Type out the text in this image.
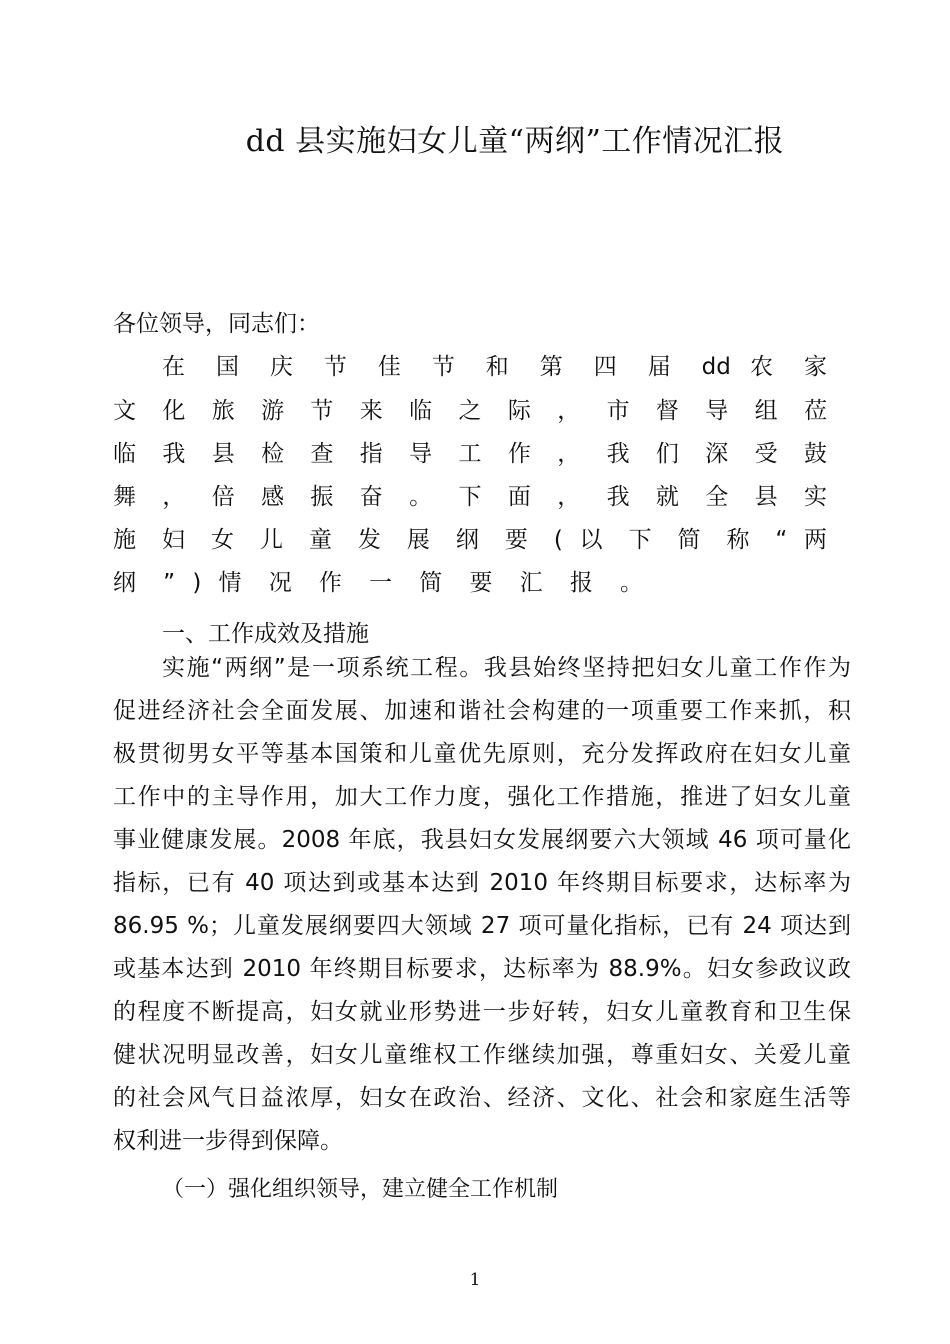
dd 县实施妇女儿童“两纲”工作情况汇报
各位领导，同志们：
在 国 庆 节 佳 节 和 第 四 届 dd 农 家
文 化 旅 游 节 来 临 之 际 ， 市 督 导 组 莅
临 我 县 检 查 指 导 工 作 ， 我 们 深 受 鼓
舞 ， 倍 感 振 奋 。 下 面 ， 我 就 全 县 实
施 妇 女 儿 童 发 展 纲 要 ( 以 下 简 称 “ 两
纲 ” ) 情 况 作 一 简 要 汇 报 。
一、工作成效及措施
实施“两纲”是一项系统工程。我县始终坚持把妇女儿童工作作为
促进经济社会全面发展、加速和谐社会构建的一项重要工作来抓，积
极贯彻男女平等基本国策和儿童优先原则，充分发挥政府在妇女儿童
工作中的主导作用，加大工作力度，强化工作措施，推进了妇女儿童
事业健康发展。2008 年底，我县妇女发展纲要六大领域 46 项可量化
指标，已有 40 项达到或基本达到 2010 年终期目标要求，达标率为
86.95 %；儿童发展纲要四大领域 27 项可量化指标，已有 24 项达到
或基本达到 2010 年终期目标要求，达标率为 88.9%。妇女参政议政
的程度不断提高，妇女就业形势进一步好转，妇女儿童教育和卫生保
健状况明显改善，妇女儿童维权工作继续加强，尊重妇女、关爱儿童
的社会风气日益浓厚，妇女在政治、经济、文化、社会和家庭生活等
权利进一步得到保障。
（一）强化组织领导，建立健全工作机制
1
